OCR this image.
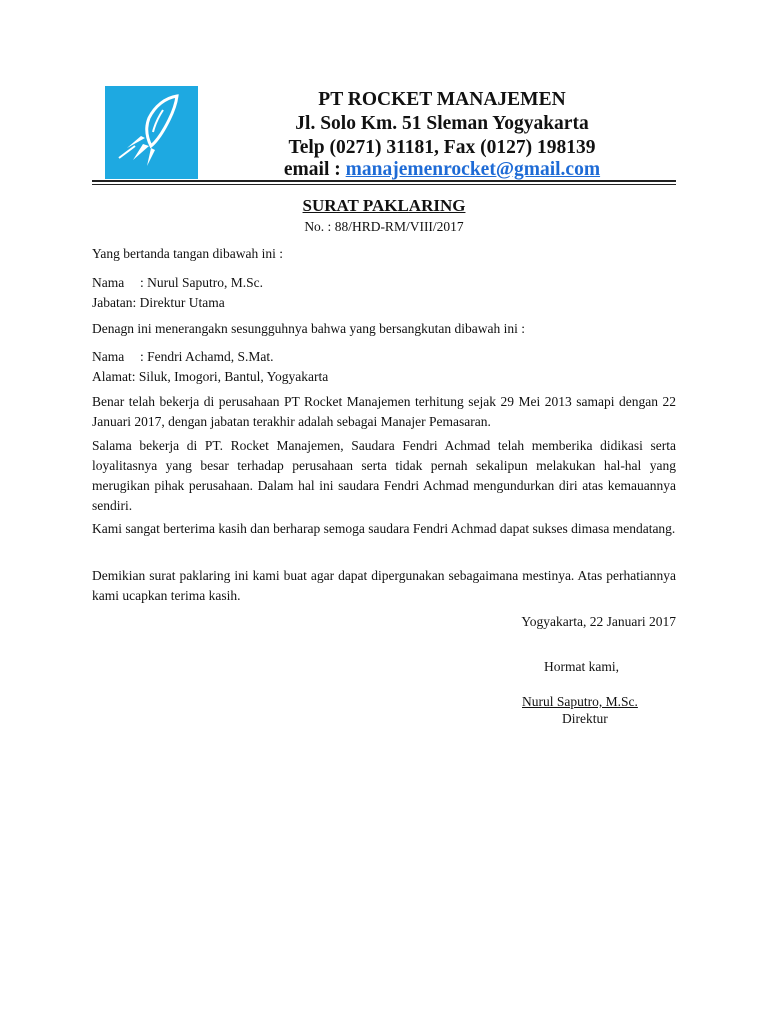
PT ROCKET MANAJEMEN
Jl. Solo Km. 51 Sleman Yogyakarta
Telp (0271) 31181, Fax (0127) 198139
email : manajemenrocket@gmail.com
SURAT PAKLARING
No. : 88/HRD-RM/VIII/2017

Yang bertanda tangan dibawah ini :

Nama : Nurul Saputro, M.Sc.
Jabatan: Direktur Utama

Denagn ini menerangakn sesungguhnya bahwa yang bersangkutan dibawah ini :

Nama : Fendri Achamd, S.Mat.
Alamat: Siluk, Imogori, Bantul, Yogyakarta

Benar telah bekerja di perusahaan PT Rocket Manajemen terhitung sejak 29 Mei 2013 samapi dengan 22 Januari 2017, dengan jabatan terakhir adalah sebagai Manajer Pemasaran.

Salama bekerja di PT. Rocket Manajemen, Saudara Fendri Achmad telah memberika didikasi serta loyalitasnya yang besar terhadap perusahaan serta tidak pernah sekalipun melakukan hal-hal yang merugikan pihak perusahaan. Dalam hal ini saudara Fendri Achmad mengundurkan diri atas kemauannya sendiri.

Kami sangat berterima kasih dan berharap semoga saudara Fendri Achmad dapat sukses dimasa mendatang.

Demikian surat paklaring ini kami buat agar dapat dipergunakan sebagaimana mestinya. Atas perhatiannya kami ucapkan terima kasih.

Yogyakarta, 22 Januari 2017
Hormat kami,
Nurul Saputro, M.Sc.
Direktur
